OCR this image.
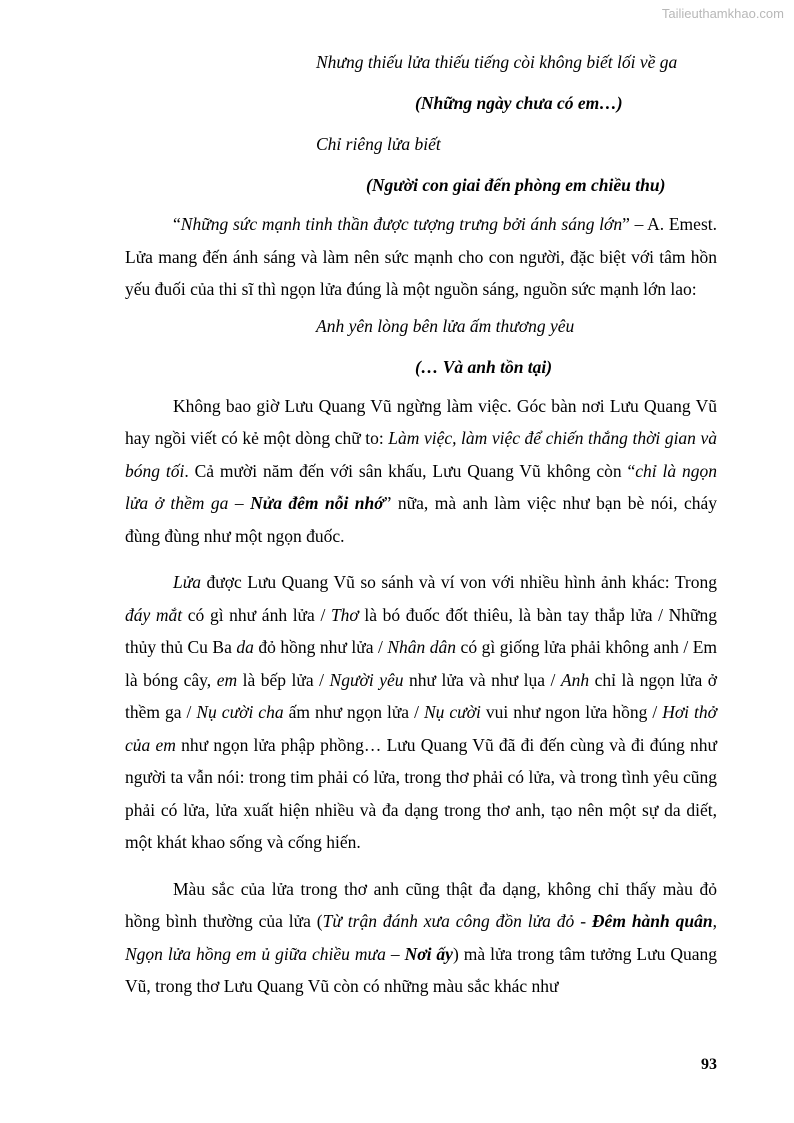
Tailieuthamkhao.com
Nhưng thiếu lửa thiếu tiếng còi không biết lối về ga
(Những ngày chưa có em…)
Chỉ riêng lửa biết
(Người con giai đến phòng em chiều thu)

“Những sức mạnh tinh thần được tượng trưng bởi ánh sáng lớn” – A. Emest. Lửa mang đến ánh sáng và làm nên sức mạnh cho con người, đặc biệt với tâm hồn yếu đuối của thi sĩ thì ngọn lửa đúng là một nguồn sáng, nguồn sức mạnh lớn lao:

Anh yên lòng bên lửa ấm thương yêu
(… Và anh tồn tại)

Không bao giờ Lưu Quang Vũ ngừng làm việc. Góc bàn nơi Lưu Quang Vũ hay ngồi viết có kẻ một dòng chữ to: Làm việc, làm việc để chiến thắng thời gian và bóng tối. Cả mười năm đến với sân khấu, Lưu Quang Vũ không còn “chỉ là ngọn lửa ở thềm ga – Nửa đêm nỗi nhớ” nữa, mà anh làm việc như bạn bè nói, cháy đùng đùng như một ngọn đuốc.

Lửa được Lưu Quang Vũ so sánh và ví von với nhiều hình ảnh khác: Trong đáy mắt có gì như ánh lửa / Thơ là bó đuốc đốt thiêu, là bàn tay thắp lửa / Những thủy thủ Cu Ba da đỏ hồng như lửa / Nhân dân có gì giống lửa phải không anh / Em là bóng cây, em là bếp lửa / Người yêu như lửa và như lụa / Anh chỉ là ngọn lửa ở thềm ga / Nụ cười cha ấm như ngọn lửa / Nụ cười vui như ngon lửa hồng / Hơi thở của em như ngọn lửa phập phồng… Lưu Quang Vũ đã đi đến cùng và đi đúng như người ta vẫn nói: trong tim phải có lửa, trong thơ phải có lửa, và trong tình yêu cũng phải có lửa, lửa xuất hiện nhiều và đa dạng trong thơ anh, tạo nên một sự da diết, một khát khao sống và cống hiến.

Màu sắc của lửa trong thơ anh cũng thật đa dạng, không chỉ thấy màu đỏ hồng bình thường của lửa (Từ trận đánh xưa công đồn lửa đỏ - Đêm hành quân, Ngọn lửa hồng em ủ giữa chiều mưa – Nơi ấy) mà lửa trong tâm tưởng Lưu Quang Vũ, trong thơ Lưu Quang Vũ còn có những màu sắc khác như

93
